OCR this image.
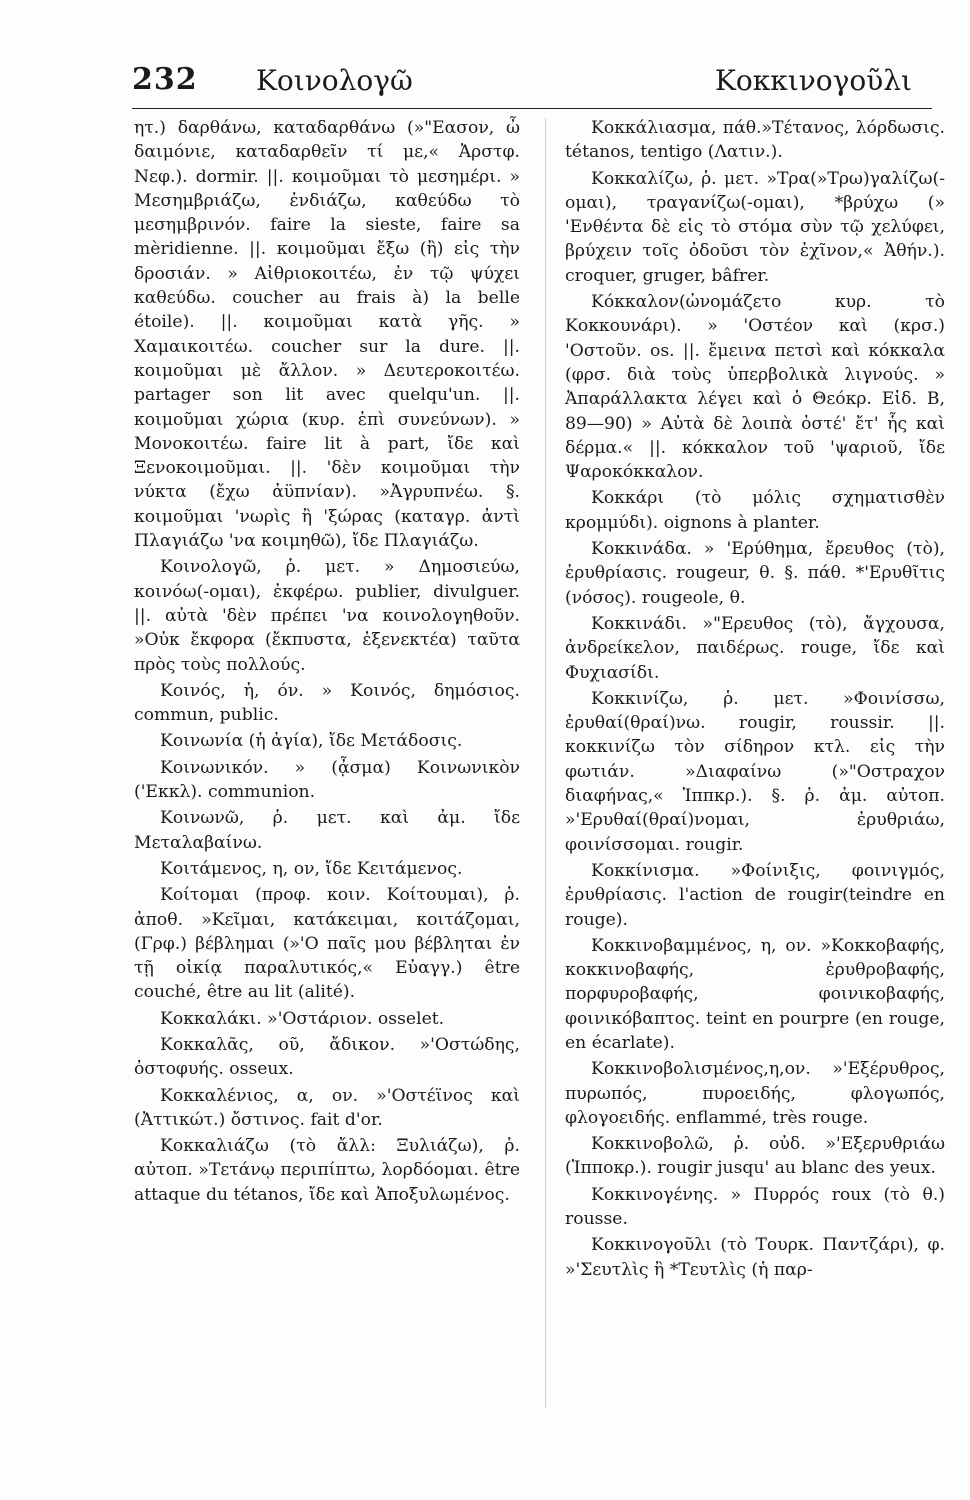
232 Κοινολογῶ	Κοκκινογοῦλι

ητ.) δαρθάνω, καταδαρθάνω (»"Εασον, ὦ δαιμόνιε, καταδαρθεῖν τί με,« Ἀρστφ. Νεφ.). dormir. ||. κοιμοῦμαι τὸ μεσημέρι. » Μεσημβριάζω, ἐνδιάζω, καθεύδω τὸ μεσημβρινόν. faire la sieste, faire sa mèridienne. ||. κοιμοῦμαι ἔξω (ἢ) εἰς τὴν δροσιάν. » Αἰθριοκοιτέω, ἐν τῷ ψύχει καθεύδω. coucher au frais à) la belle étoile). ||. κοιμοῦμαι κατὰ γῆς. » Χαμαικοιτέω. coucher sur la dure. ||. κοιμοῦμαι μὲ ἄλλον. » Δευτεροκοιτέω. partager son lit avec quelqu'un. ||. κοιμοῦμαι χώρια (κυρ. ἐπὶ συνεύνων). » Μονοκοιτέω. faire lit à part, ἴδε καὶ Ξενοκοιμοῦμαι. ||. 'δὲν κοιμοῦμαι τὴν νύκτα (ἔχω ἀϋπνίαν). »Ἀγρυπνέω. §. κοιμοῦμαι 'νωρὶς ἢ 'ξώρας (καταγρ. ἀντὶ Πλαγιάζω 'να κοιμηθῶ), ἴδε Πλαγιάζω.

Κοινολογῶ, ῥ. μετ. » Δημοσιεύω, κοινόω(-ομαι), ἐκφέρω. publier, divulguer. ||. αὐτὰ 'δὲν πρέπει 'να κοινολογηθοῦν. »Οὐκ ἔκφορα (ἔκπυστα, ἐξενεκτέα) ταῦτα πρὸς τοὺς πολλούς.

Κοινός, ἡ, όν. » Κοινός, δημόσιος. commun, public.

Κοινωνία (ἡ ἁγία), ἴδε Μετάδοσις.

Κοινωνικόν. » (ᾆσμα) Κοινωνικὸν ('Εκκλ). communion.

Κοινωνῶ, ῥ. μετ. καὶ ἀμ. ἴδε Μεταλαβαίνω.

Κοιτάμενος, η, ον, ἴδε Κειτάμενος.

Κοίτομαι (προφ. κοιν. Κοίτουμαι), ῥ. ἀποθ. »Κεῖμαι, κατάκειμαι, κοιτάζομαι, (Γρφ.) βέβλημαι (»'Ο παῖς μου βέβληται ἐν τῇ οἰκίᾳ παραλυτικός,« Εὐαγγ.) être couché, être au lit (alité).

Κοκκαλάκι. »'Οστάριον. osselet.

Κοκκαλᾶς, οῦ, ἄδικον. »'Οστώδης, ὀστοφυής. osseux.

Κοκκαλένιος, α, ον. »'Οστέϊνος καὶ (Ἀττικώτ.) ὄστινος. fait d'or.

Κοκκαλιάζω (τὸ ἄλλ: Ξυλιάζω), ῥ. αὐτοπ. »Τετάνῳ περιπίπτω, λορδόομαι. être attaque du tétanos, ἴδε καὶ Ἀποξυλωμένος.

Κοκκάλιασμα, πάθ.»Τέτανος, λόρδωσις. tétanos, tentigo (Λατιν.).

Κοκκαλίζω, ῥ. μετ. »Τρα(»Τρω)γαλίζω(-ομαι), τραγανίζω(-ομαι), *βρύχω (» 'Ενθέντα δὲ εἰς τὸ στόμα σὺν τῷ χελύφει, βρύχειν τοῖς ὀδοῦσι τὸν ἐχῖνον,« Ἀθήν.). croquer, gruger, bâfrer.

Κόκκαλον(ὠνομάζετο κυρ. τὸ Κοκκουνάρι). » 'Οστέον καὶ (κρσ.) 'Οστοῦν. os. ||. ἔμεινα πετσὶ καὶ κόκκαλα (φρσ. διὰ τοὺς ὑπερβολικὰ λιγνούς. » Ἀπαράλλακτα λέγει καὶ ὁ Θεόκρ. Εἰδ. Β, 89—90) » Αὐτὰ δὲ λοιπὰ ὀστέ' ἔτ' ἧς καὶ δέρμα.« ||. κόκκαλον τοῦ 'ψαριοῦ, ἴδε Ψαροκόκκαλον.

Κοκκάρι (τὸ μόλις σχηματισθὲν κρομμύδι). oignons à planter.

Κοκκινάδα. » 'Ερύθημα, ἔρευθος (τὸ), ἐρυθρίασις. rougeur, θ. §. πάθ. *'Ερυθῖτις (νόσος). rougeole, θ.

Κοκκινάδι. »"Ερευθος (τὸ), ἄγχουσα, ἀνδρείκελον, παιδέρως. rouge, ἴδε καὶ Φυχιασίδι.

Κοκκινίζω, ῥ. μετ. »Φοινίσσω, ἐρυθαί(θραί)νω. rougir, roussir. ||. κοκκινίζω τὸν σίδηρον κτλ. εἰς τὴν φωτιάν. »Διαφαίνω (»"Οστραχον διαφήνας,« Ἱππκρ.). §. ῥ. ἀμ. αὐτοπ. »'Ερυθαί(θραί)νομαι, ἐρυθριάω, φοινίσσομαι. rougir.

Κοκκίνισμα. »Φοίνιξις, φοινιγμός, ἐρυθρίασις. l'action de rougir(teindre en rouge).

Κοκκινοβαμμένος, η, ον. »Κοκκοβαφής, κοκκινοβαφής, ἐρυθροβαφής, πορφυροβαφής, φοινικοβαφής, φοινικόβαπτος. teint en pourpre (en rouge, en écarlate).

Κοκκινοβολισμένος,η,ον. »'Εξέρυθρος, πυρωπός, πυροειδής, φλογωπός, φλογοειδής. enflammé, très rouge.

Κοκκινοβολῶ, ῥ. οὐδ. »'Εξερυθριάω (Ἱπποκρ.). rougir jusqu' au blanc des yeux.

Κοκκινογένης. » Πυρρός roux (τὸ θ.) rousse.

Κοκκινογοῦλι (τὸ Τουρκ. Παντζάρι), φ. »'Σευτλὶς ἢ *Τευτλὶς (ἡ παρ-
